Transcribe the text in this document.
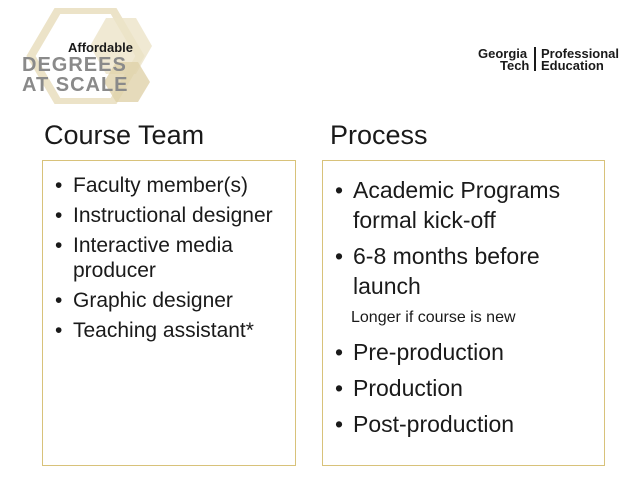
Affordable
DEGREES
AT SCALE
Georgia
Tech
Professional
Education
Course Team	Process
• Faculty member(s)
• Instructional designer
• Interactive media producer
• Graphic designer
• Teaching assistant*
• Academic Programs formal kick-off
• 6-8 months before launch
Longer if course is new
• Pre-production
• Production
• Post-production
